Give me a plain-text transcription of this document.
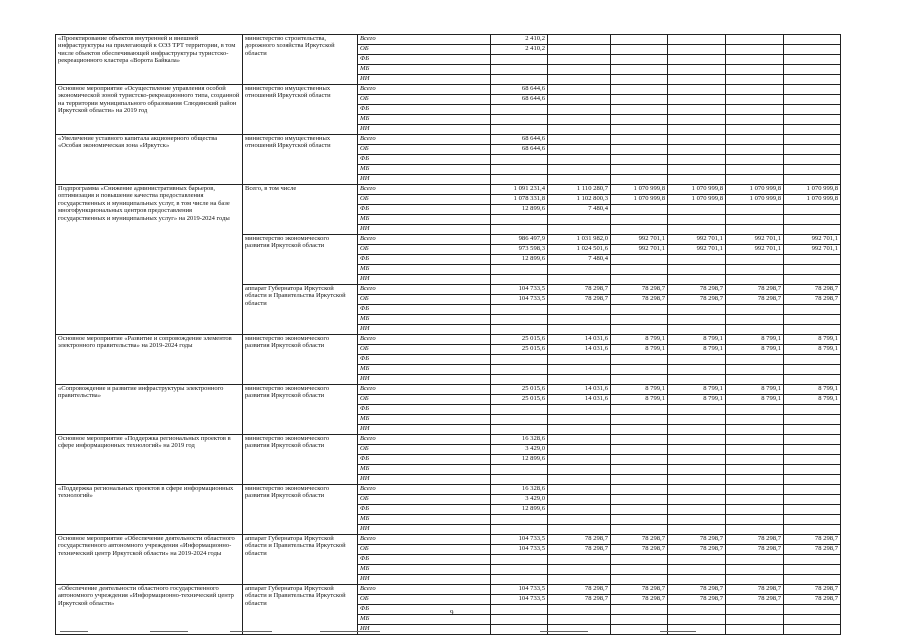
«Проектирование объектов внутренней и внешней инфраструктуры на прилегающей к ОЭЗ ТРТ территории, в том числе объектов обеспечивающей инфраструктуры туристско-рекреационного кластера «Ворота Байкала»	министерство строительства, дорожного хозяйства Иркутской области	Всего	2 410,2					
		ОБ	2 410,2					
		ФБ						
		МБ						
		ИИ						
Основное мероприятие «Осуществление управления особой экономической зоной туристско-рекреационного типа, созданной на территории муниципального образования Слюдянский район Иркутской области» на 2019 год	министерство имущественных отношений Иркутской области	Всего	68 644,6					
		ОБ	68 644,6					
		ФБ						
		МБ						
		ИИ						
«Увеличение уставного капитала акционерного общества «Особая экономическая зона «Иркутск»	министерство имущественных отношений Иркутской области	Всего	68 644,6					
		ОБ	68 644,6					
		ФБ						
		МБ						
		ИИ						
Подпрограмма «Снижение административных барьеров, оптимизация и повышение качества предоставления государственных и муниципальных услуг, в том числе на базе многофункциональных центров предоставления государственных и муниципальных услуг» на 2019-2024 годы	Всего, в том числе	Всего	1 091 231,4	1 110 280,7	1 070 999,8	1 070 999,8	1 070 999,8	1 070 999,8
		ОБ	1 078 331,8	1 102 800,3	1 070 999,8	1 070 999,8	1 070 999,8	1 070 999,8
		ФБ	12 899,6	7 480,4				
		МБ						
		ИИ						
	министерство экономического развития Иркутской области	Всего	986 497,9	1 031 982,0	992 701,1	992 701,1	992 701,1	992 701,1
		ОБ	973 598,3	1 024 501,6	992 701,1	992 701,1	992 701,1	992 701,1
		ФБ	12 899,6	7 480,4				
		МБ						
		ИИ						
	аппарат Губернатора Иркутской области и Правительства Иркутской области	Всего	104 733,5	78 298,7	78 298,7	78 298,7	78 298,7	78 298,7
		ОБ	104 733,5	78 298,7	78 298,7	78 298,7	78 298,7	78 298,7
		ФБ						
		МБ						
		ИИ						
Основное мероприятие «Развитие и сопровождение элементов электронного правительства» на 2019-2024 годы	министерство экономического развития Иркутской области	Всего	25 015,6	14 031,6	8 799,1	8 799,1	8 799,1	8 799,1
		ОБ	25 015,6	14 031,6	8 799,1	8 799,1	8 799,1	8 799,1
		ФБ						
		МБ						
		ИИ						
«Сопровождение и развитие инфраструктуры электронного правительства»	министерство экономического развития Иркутской области	Всего	25 015,6	14 031,6	8 799,1	8 799,1	8 799,1	8 799,1
		ОБ	25 015,6	14 031,6	8 799,1	8 799,1	8 799,1	8 799,1
		ФБ						
		МБ						
		ИИ						
Основное мероприятие «Поддержка региональных проектов в сфере информационных технологий» на 2019 год	министерство экономического развития Иркутской области	Всего	16 328,6					
		ОБ	3 429,0					
		ФБ	12 899,6					
		МБ						
		ИИ						
«Поддержка региональных проектов в сфере информационных технологий»	министерство экономического развития Иркутской области	Всего	16 328,6					
		ОБ	3 429,0					
		ФБ	12 899,6					
		МБ						
		ИИ						
Основное мероприятие «Обеспечение деятельности областного государственного автономного учреждения «Информационно-технический центр Иркутской области» на 2019-2024 годы	аппарат Губернатора Иркутской области и Правительства Иркутской области	Всего	104 733,5	78 298,7	78 298,7	78 298,7	78 298,7	78 298,7
		ОБ	104 733,5	78 298,7	78 298,7	78 298,7	78 298,7	78 298,7
		ФБ						
		МБ						
		ИИ						
«Обеспечение деятельности областного государственного автономного учреждения «Информационно-технический центр Иркутской области»	аппарат Губернатора Иркутской области и Правительства Иркутской области	Всего	104 733,5	78 298,7	78 298,7	78 298,7	78 298,7	78 298,7
		ОБ	104 733,5	78 298,7	78 298,7	78 298,7	78 298,7	78 298,7
		ФБ						
		МБ						
		ИИ						
9
